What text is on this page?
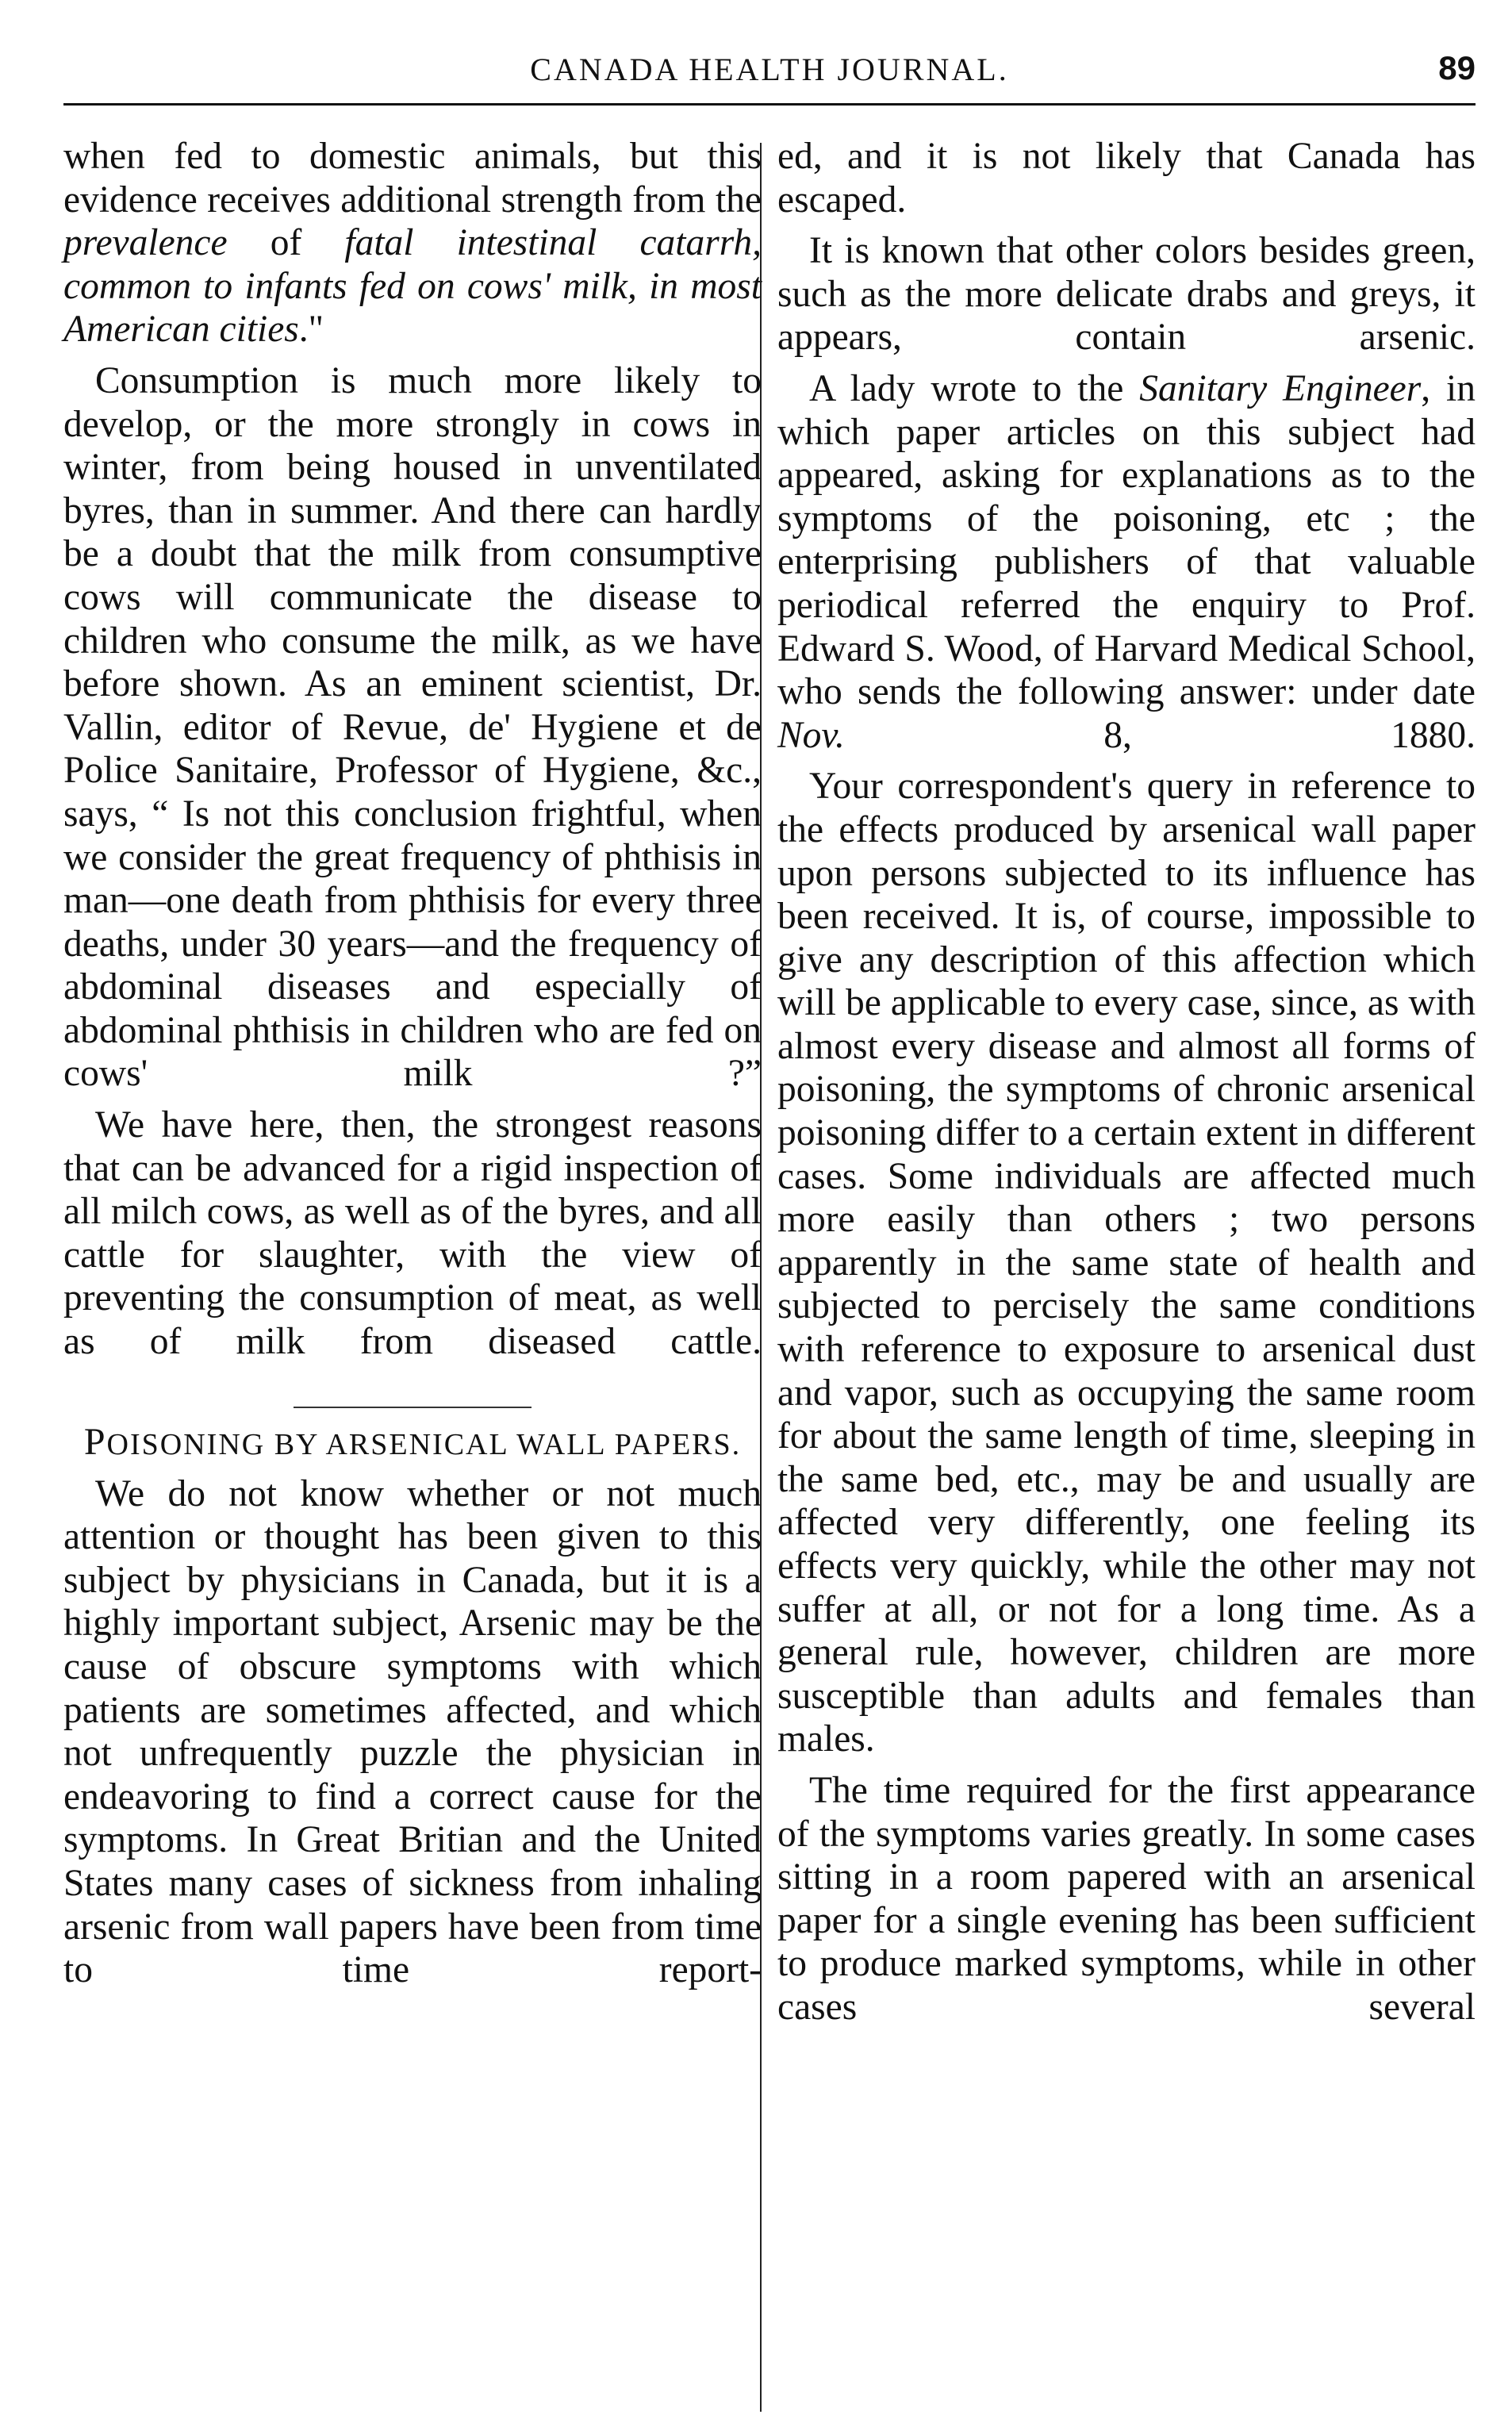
CANADA HEALTH JOURNAL.	89

when fed to domestic animals, but this evidence receives additional strength from the prevalence of fatal intestinal catarrh, common to infants fed on cows' milk, in most American cities."

Consumption is much more likely to develop, or the more strongly in cows in winter, from being housed in unventilated byres, than in summer. And there can hardly be a doubt that the milk from consumptive cows will communicate the disease to children who consume the milk, as we have before shown. As an eminent scientist, Dr. Vallin, editor of Revue, de' Hygiene et de Police Sanitaire, Professor of Hygiene, &c., says, “ Is not this conclusion frightful, when we consider the great frequency of phthisis in man—one death from phthisis for every three deaths, under 30 years—and the frequency of abdominal diseases and especially of abdominal phthisis in children who are fed on cows' milk ?”

We have here, then, the strongest reasons that can be advanced for a rigid inspection of all milch cows, as well as of the byres, and all cattle for slaughter, with the view of preventing the consumption of meat, as well as of milk from diseased cattle.

POISONING BY ARSENICAL WALL PAPERS.

We do not know whether or not much attention or thought has been given to this subject by physicians in Canada, but it is a highly important subject, Arsenic may be the cause of obscure symptoms with which patients are sometimes affected, and which not unfrequently puzzle the physician in endeavoring to find a correct cause for the symptoms. In Great Britian and the United States many cases of sickness from inhaling arsenic from wall papers have been from time to time report-

ed, and it is not likely that Canada has escaped.

It is known that other colors besides green, such as the more delicate drabs and greys, it appears, contain arsenic.

A lady wrote to the Sanitary Engineer, in which paper articles on this subject had appeared, asking for explanations as to the symptoms of the poisoning, etc ; the enterprising publishers of that valuable periodical referred the enquiry to Prof. Edward S. Wood, of Harvard Medical School, who sends the following answer: under date Nov. 8, 1880.

Your correspondent's query in reference to the effects produced by arsenical wall paper upon persons subjected to its influence has been received. It is, of course, impossible to give any description of this affection which will be applicable to every case, since, as with almost every disease and almost all forms of poisoning, the symptoms of chronic arsenical poisoning differ to a certain extent in different cases. Some individuals are affected much more easily than others ; two persons apparently in the same state of health and subjected to percisely the same conditions with reference to exposure to arsenical dust and vapor, such as occupying the same room for about the same length of time, sleeping in the same bed, etc., may be and usually are affected very differently, one feeling its effects very quickly, while the other may not suffer at all, or not for a long time. As a general rule, however, children are more susceptible than adults and females than males.

The time required for the first appearance of the symptoms varies greatly. In some cases sitting in a room papered with an arsenical paper for a single evening has been sufficient to produce marked symptoms, while in other cases several
